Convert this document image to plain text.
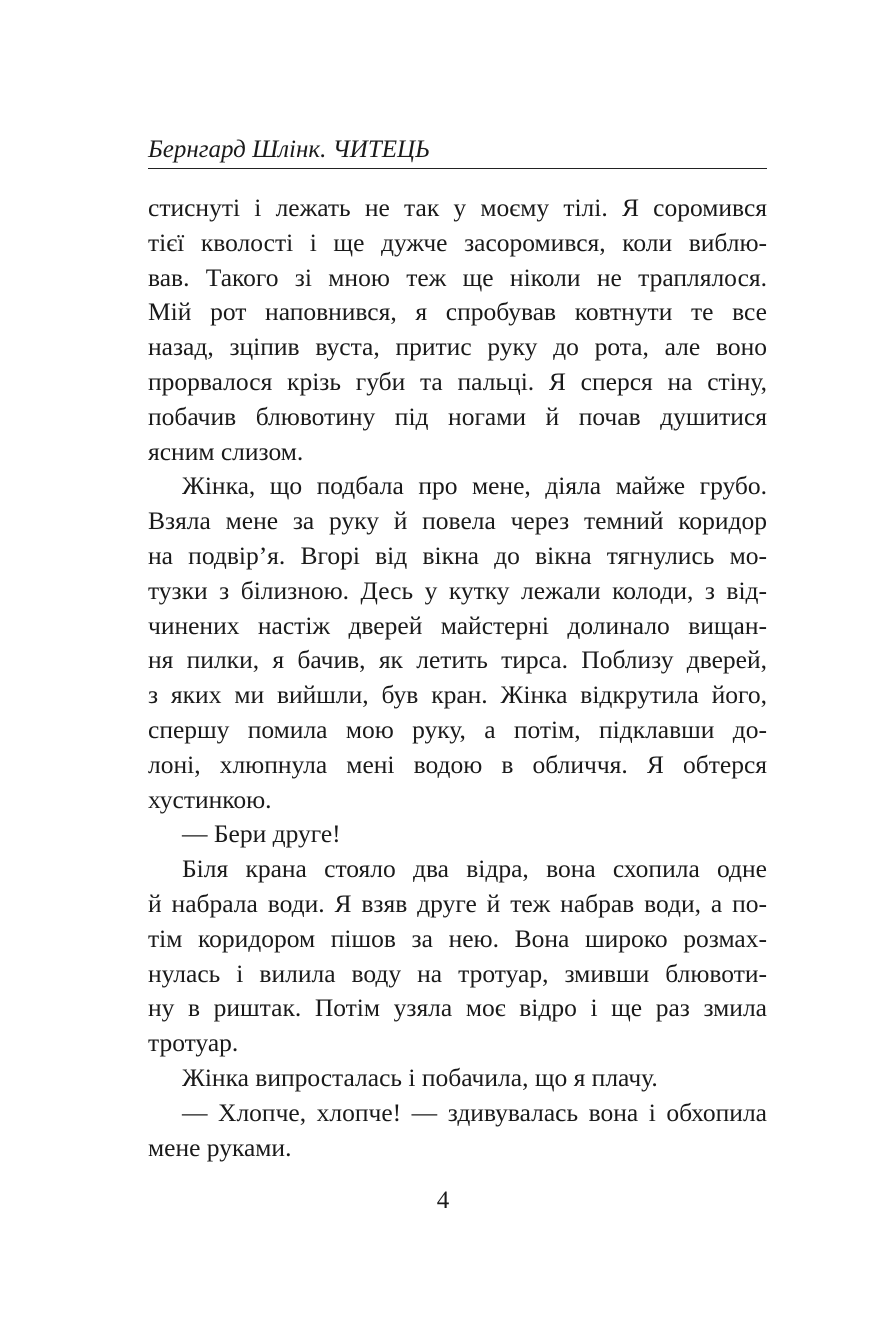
Бернгард Шлінк. ЧИТЕЦЬ
стиснуті і лежать не так у моєму тілі. Я соромився
тієї кволості і ще дужче засоромився, коли виблю-
вав. Такого зі мною теж ще ніколи не траплялося.
Мій рот наповнився, я спробував ковтнути те все
назад, зціпив вуста, притис руку до рота, але воно
прорвалося крізь губи та пальці. Я сперся на стіну,
побачив блювотину під ногами й почав душитися
ясним слизом.
Жінка, що подбала про мене, діяла майже грубо.
Взяла мене за руку й повела через темний коридор
на подвір’я. Вгорі від вікна до вікна тягнулись мо-
тузки з білизною. Десь у кутку лежали колоди, з від-
чинених настіж дверей майстерні долинало вищан-
ня пилки, я бачив, як летить тирса. Поблизу дверей,
з яких ми вийшли, був кран. Жінка відкрутила його,
спершу помила мою руку, а потім, підклавши до-
лоні, хлюпнула мені водою в обличчя. Я обтерся
хустинкою.
— Бери друге!
Біля крана стояло два відра, вона схопила одне
й набрала води. Я взяв друге й теж набрав води, а по-
тім коридором пішов за нею. Вона широко розмах-
нулась і вилила воду на тротуар, змивши блювоти-
ну в риштак. Потім узяла моє відро і ще раз змила
тротуар.
Жінка випросталась і побачила, що я плачу.
— Хлопче, хлопче! — здивувалась вона і обхопила
мене руками.
4
